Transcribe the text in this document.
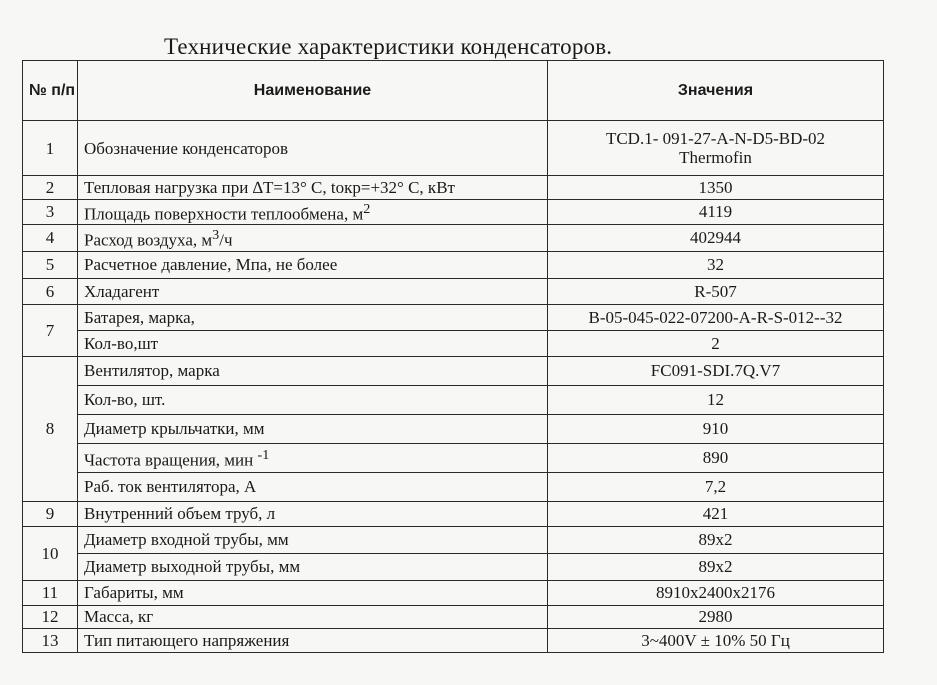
Технические характеристики конденсаторов.
№ п/п	Наименование	Значения
1	Обозначение конденсаторов	TCD.1- 091-27-A-N-D5-BD-02
Thermofin

2	Тепловая нагрузка при ∆T=13° C, tокр=+32° C, кВт	1350
3	Площадь поверхности теплообмена, $м^2$	4119
4	Расход воздуха, $м^3/ч$	402944
5	Расчетное давление, Мпа, не более	32
6	Хладагент	R-507
7	Батарея, марка,	B-05-045-022-07200-A-R-S-012--32
	Кол-во,шт	2
8	Вентилятор, марка	FC091-SDI.7Q.V7
	Кол-во, шт.	12
	Диаметр крыльчатки, мм	910
	Частота вращения, мин $^{-1}$	890
	Раб. ток вентилятора, А	7,2
9	Внутренний объем труб, л	421
10	Диаметр входной трубы, мм	89x2
	Диаметр выходной трубы, мм	89x2
11	Габариты, мм	8910x2400x2176
12	Масса, кг	2980
13	Тип питающего напряжения	3~400V ± 10% 50 Гц
